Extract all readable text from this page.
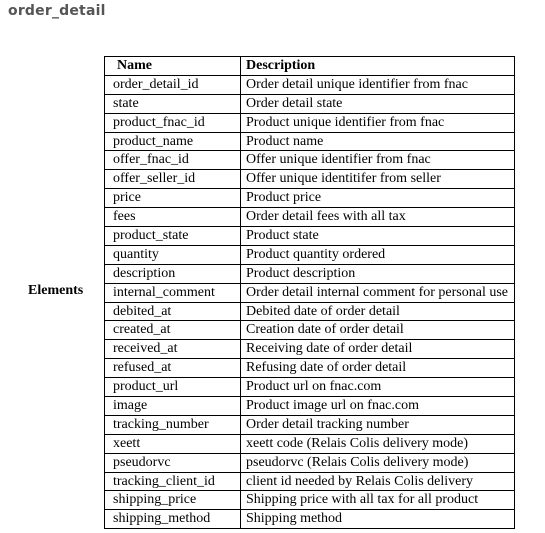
order_detail
Elements
Name	Description
order_detail_id	Order detail unique identifier from fnac
state	Order detail state
product_fnac_id	Product unique identifier from fnac
product_name	Product name
offer_fnac_id	Offer unique identifier from fnac
offer_seller_id	Offer unique identitifer from seller
price	Product price
fees	Order detail fees with all tax
product_state	Product state
quantity	Product quantity ordered
description	Product description
internal_comment	Order detail internal comment for personal use
debited_at	Debited date of order detail
created_at	Creation date of order detail
received_at	Receiving date of order detail
refused_at	Refusing date of order detail
product_url	Product url on fnac.com
image	Product image url on fnac.com
tracking_number	Order detail tracking number
xeett	xeett code (Relais Colis delivery mode)
pseudorvc	pseudorvc (Relais Colis delivery mode)
tracking_client_id	client id needed by Relais Colis delivery
shipping_price	Shipping price with all tax for all product
shipping_method	Shipping method
